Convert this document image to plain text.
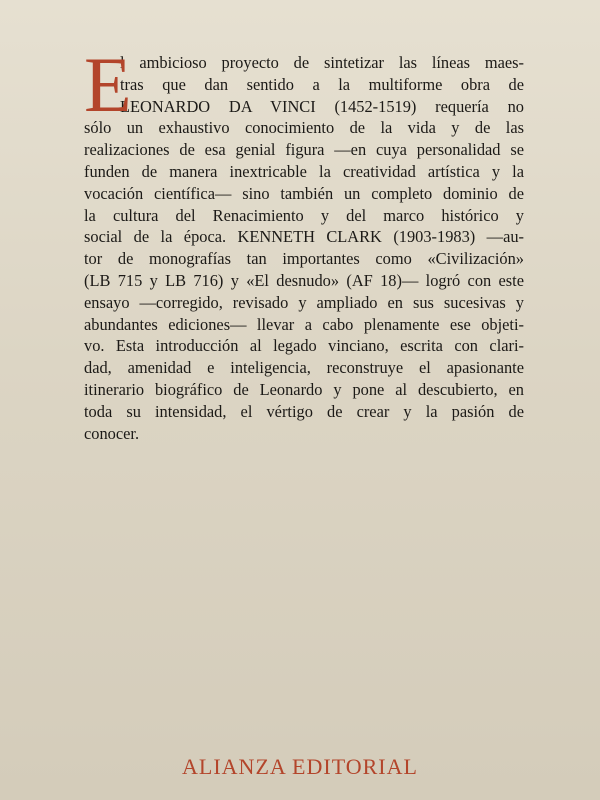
E
l ambicioso proyecto de sintetizar las líneas maes-
tras que dan sentido a la multiforme obra de
LEONARDO DA VINCI (1452-1519) requería no
sólo un exhaustivo conocimiento de la vida y de las
realizaciones de esa genial figura —en cuya personalidad se
funden de manera inextricable la creatividad artística y la
vocación científica— sino también un completo dominio de
la cultura del Renacimiento y del marco histórico y
social de la época. KENNETH CLARK (1903-1983) —au-
tor de monografías tan importantes como «Civilización»
(LB 715 y LB 716) y «El desnudo» (AF 18)— logró con este
ensayo —corregido, revisado y ampliado en sus sucesivas y
abundantes ediciones— llevar a cabo plenamente ese objeti-
vo. Esta introducción al legado vinciano, escrita con clari-
dad, amenidad e inteligencia, reconstruye el apasionante
itinerario biográfico de Leonardo y pone al descubierto, en
toda su intensidad, el vértigo de crear y la pasión de
conocer.
ALIANZA EDITORIAL
